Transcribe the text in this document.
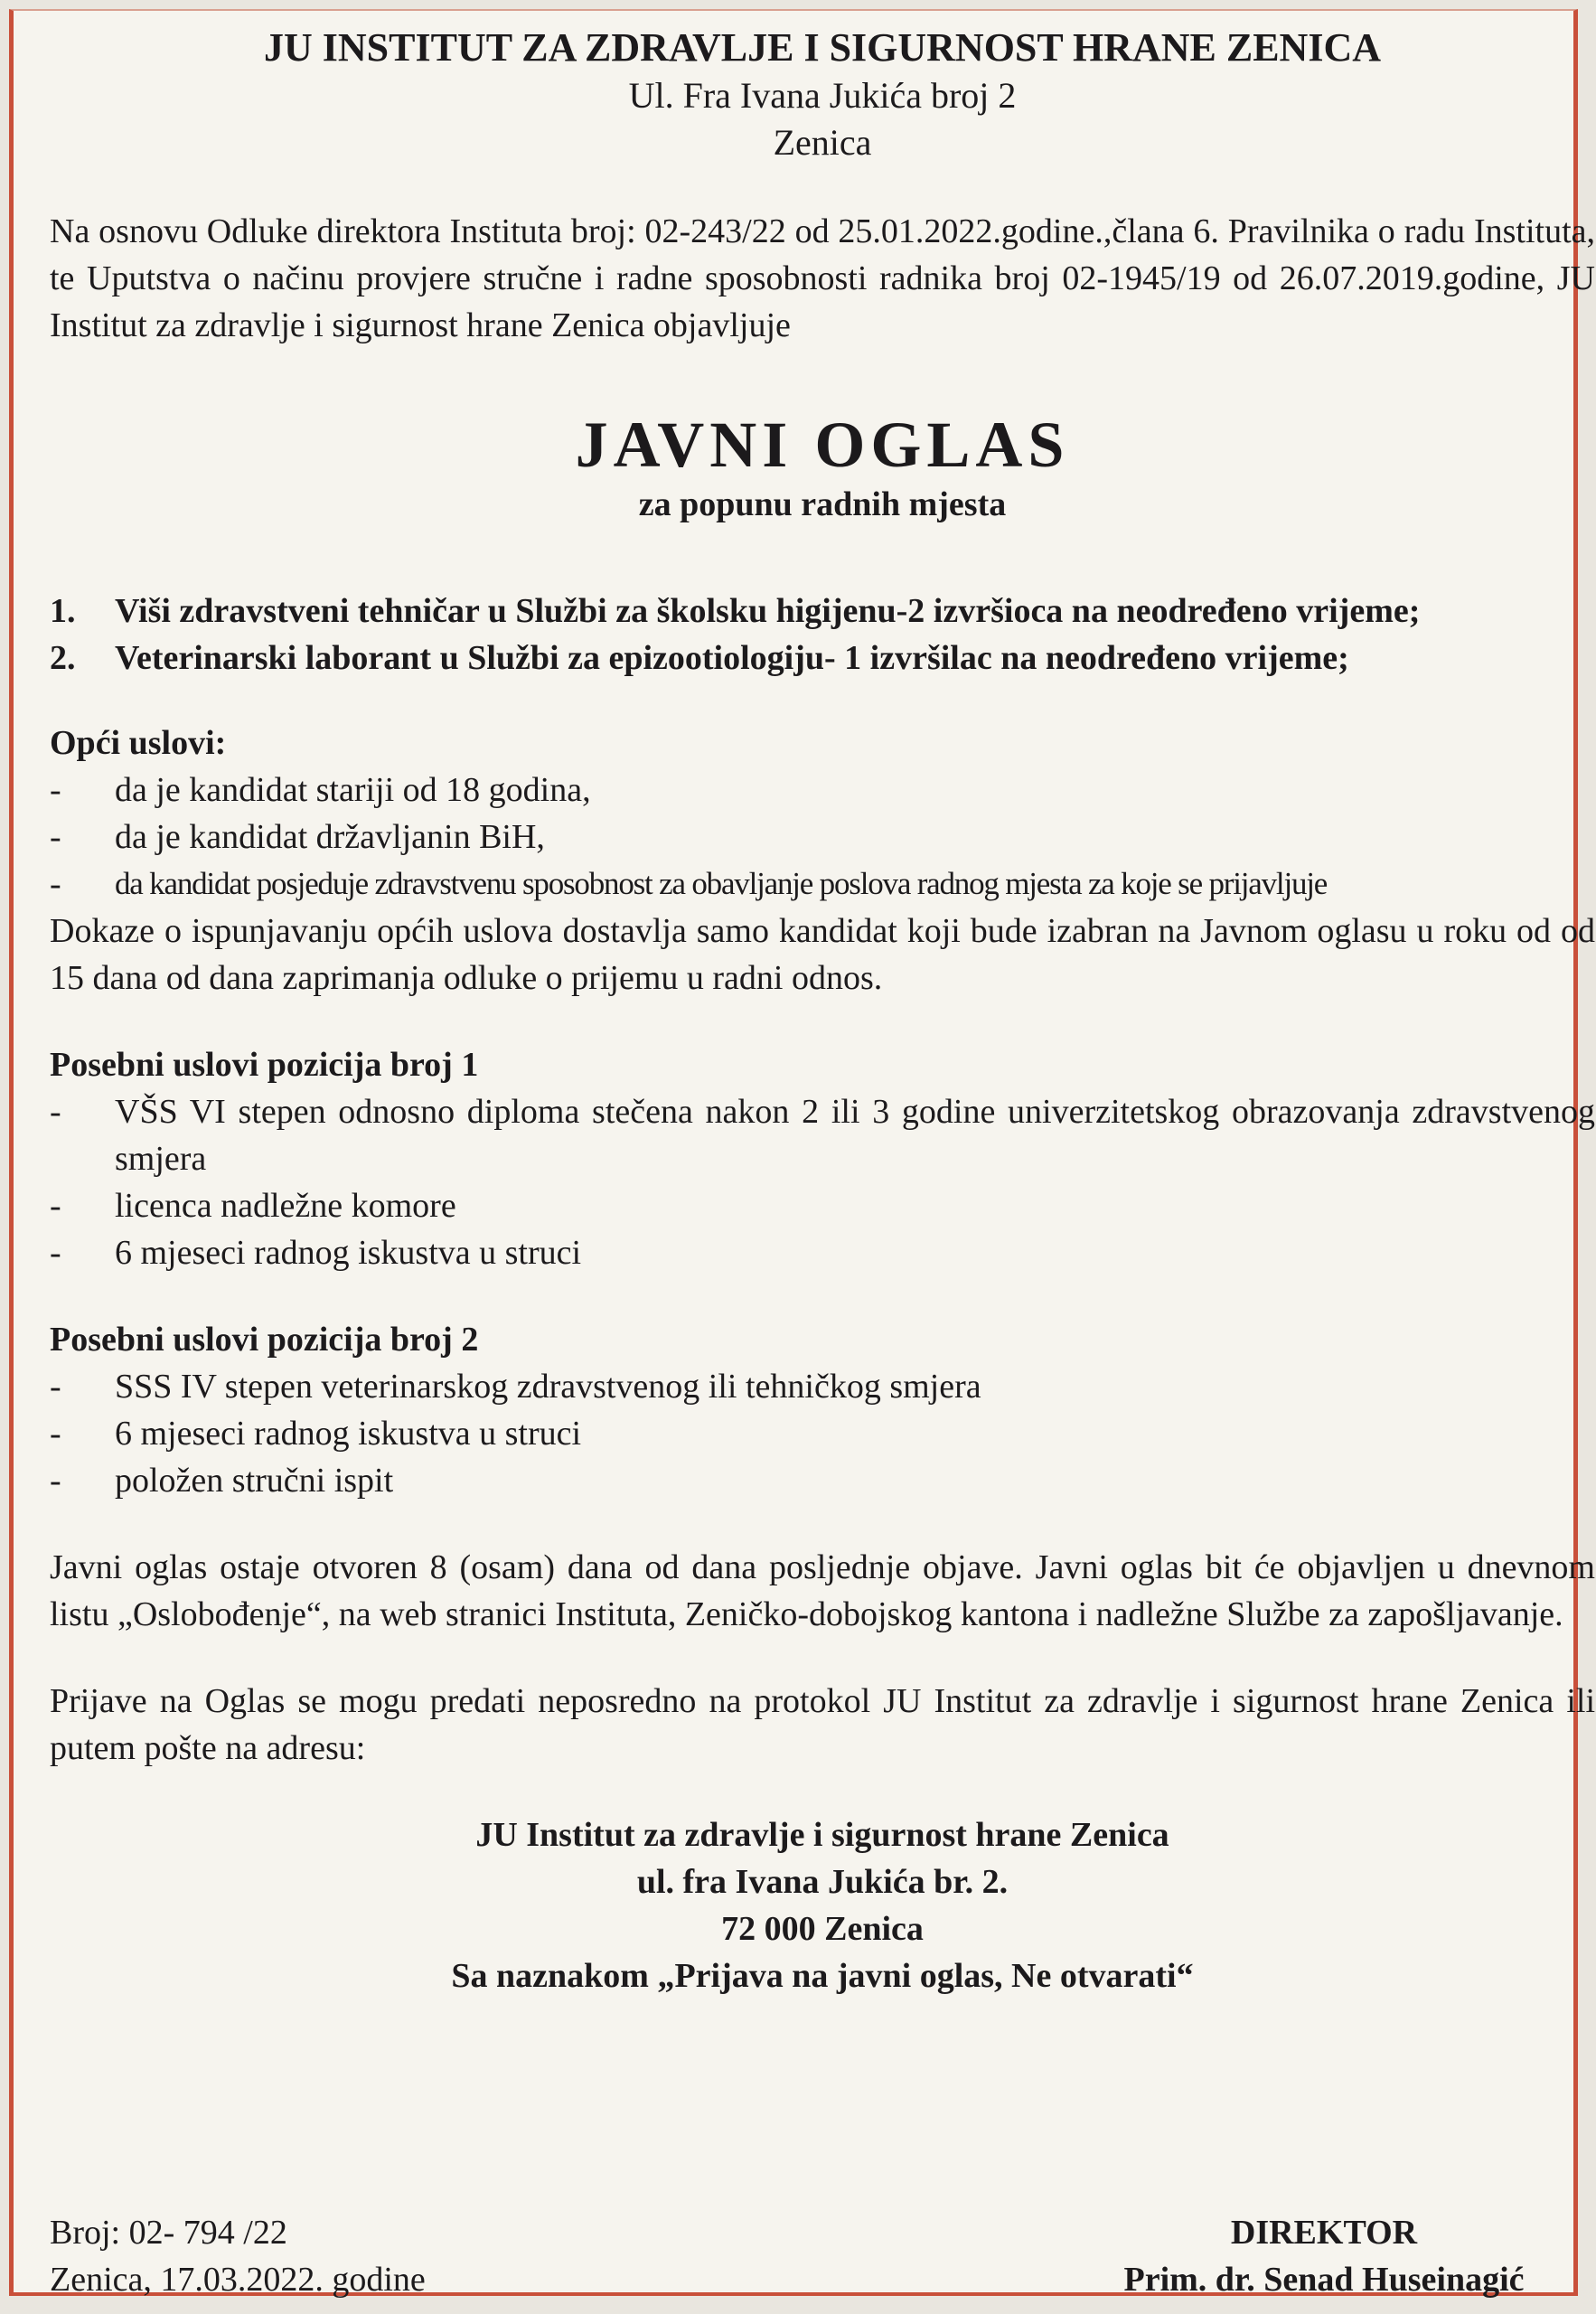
JU INSTITUT ZA ZDRAVLJE I SIGURNOST HRANE ZENICA
Ul. Fra Ivana Jukića broj 2
Zenica
Na osnovu Odluke direktora Instituta broj: 02-243/22 od 25.01.2022.godine.,člana 6. Pravilnika o radu Instituta, te Uputstva o načinu provjere stručne i radne sposobnosti radnika broj 02-1945/19 od 26.07.2019.godine, JU Institut za zdravlje i sigurnost hrane Zenica objavljuje
JAVNI OGLAS
za popunu radnih mjesta
1.	Viši zdravstveni tehničar u Službi za školsku higijenu-2 izvršioca na neodređeno vrijeme;
2.	Veterinarski laborant u Službi za epizootiologiju- 1 izvršilac na neodređeno vrijeme;
Opći uslovi:
-	da je kandidat stariji od 18 godina,
-	da je kandidat državljanin BiH,
-	da kandidat posjeduje zdravstvenu sposobnost za obavljanje poslova radnog mjesta za koje se prijavljuje
Dokaze o ispunjavanju općih uslova dostavlja samo kandidat koji bude izabran na Javnom oglasu u roku od od 15 dana od dana zaprimanja odluke o prijemu u radni odnos.
Posebni uslovi pozicija broj 1
-	VŠS VI stepen odnosno diploma stečena nakon 2 ili 3 godine univerzitetskog obrazovanja zdravstvenog smjera
-	licenca nadležne komore
-	6 mjeseci radnog iskustva u struci
Posebni uslovi pozicija broj 2
-	SSS IV stepen veterinarskog zdravstvenog ili tehničkog smjera
-	6 mjeseci radnog iskustva u struci
-	položen stručni ispit
Javni oglas ostaje otvoren 8 (osam) dana od dana posljednje objave. Javni oglas bit će objavljen u dnevnom listu „Oslobođenje“, na web stranici Instituta, Zeničko-dobojskog kantona i nadležne Službe za zapošljavanje.
Prijave na Oglas se mogu predati neposredno na protokol JU Institut za zdravlje i sigurnost hrane Zenica ili putem pošte na adresu:
JU Institut za zdravlje i sigurnost hrane Zenica
ul. fra Ivana Jukića br. 2.
72 000 Zenica
Sa naznakom „Prijava na javni oglas, Ne otvarati“
Broj: 02- 794 /22
Zenica, 17.03.2022. godine
DIREKTOR
Prim. dr. Senad Huseinagić
